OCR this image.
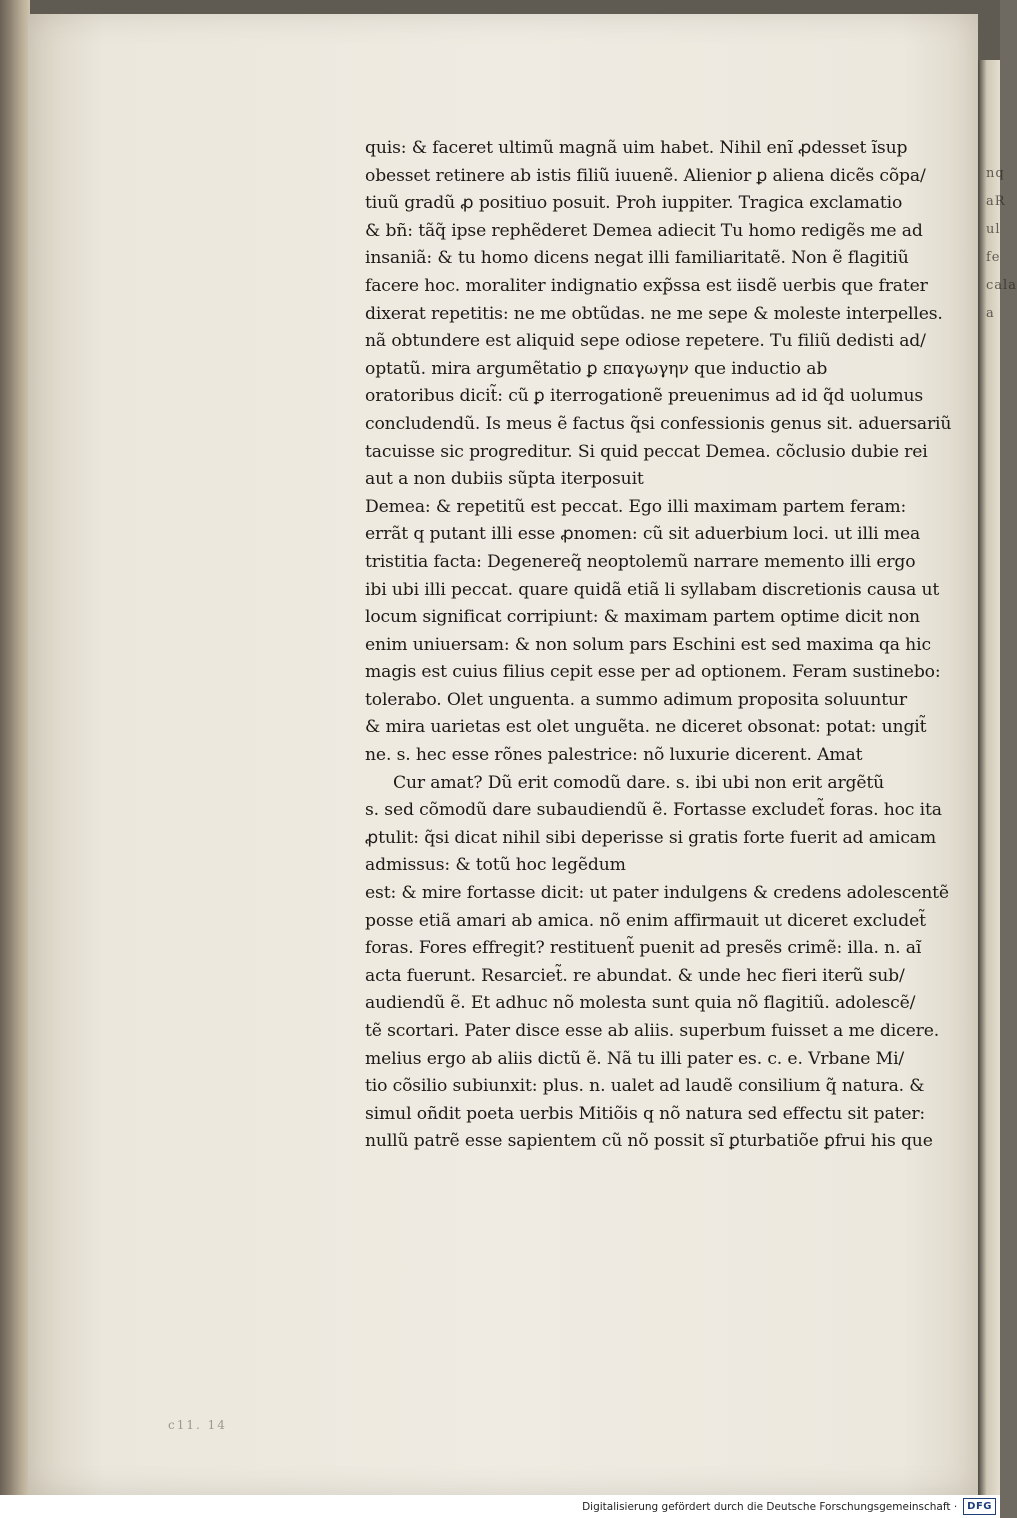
c11. 14
nq aR ul fe cala a
quis: & faceret ultimũ magnã uim habet. Nihil enĩ ꝓdesset ĩsup
obesset retinere ab istis filiũ iuuenẽ. Alienior ꝑ aliena dicẽs cõpa/
tiuũ gradũ ꝓ positiuo posuit. Proh iuppiter. Tragica exclamatio
& bñ: tãq̃ ipse rephẽderet Demea adiecit Tu homo redigẽs me ad
insaniã: & tu homo dicens negat illi familiaritatẽ. Non ẽ flagitiũ
facere hoc. moraliter indignatio exp̃ssa est iisdẽ uerbis que frater
dixerat repetitis: ne me obtũdas. ne me sepe & moleste interpelles.
nã obtundere est aliquid sepe odiose repetere. Tu filiũ dedisti ad/
optatũ. mira argumẽtatio ꝑ επαγωγην que inductio ab
oratoribus dicit̃: cũ ꝑ iterrogationẽ preuenimus ad id q̃d uolumus
concludendũ. Is meus ẽ factus q̃si confessionis genus sit. aduersariũ
tacuisse sic progreditur. Si quid peccat Demea. cõclusio dubie rei
aut a non dubiis sũpta iterposuit
Demea: & repetitũ est peccat. Ego illi maximam partem feram:
errãt q putant illi esse ꝓnomen: cũ sit aduerbium loci. ut illi mea
tristitia facta: Degenereq̃ neoptolemũ narrare memento illi ergo
ibi ubi illi peccat. quare quidã etiã li syllabam discretionis causa ut
locum significat corripiunt: & maximam partem optime dicit non
enim uniuersam: & non solum pars Eschini est sed maxima qa hic
magis est cuius filius cepit esse per ad optionem. Feram sustinebo:
tolerabo. Olet unguenta. a summo adimum proposita soluuntur
& mira uarietas est olet unguẽta. ne diceret obsonat: potat: ungit̃
ne. s. hec esse rõnes palestrice: nõ luxurie dicerent. Amat
Cur amat? Dũ erit comodũ dare. s. ibi ubi non erit argẽtũ
s. sed cõmodũ dare subaudiendũ ẽ. Fortasse excludet̃ foras. hoc ita
ꝓtulit: q̃si dicat nihil sibi deperisse si gratis forte fuerit ad amicam
admissus: & totũ hoc legẽdum
est: & mire fortasse dicit: ut pater indulgens & credens adolescentẽ
posse etiã amari ab amica. nõ enim affirmauit ut diceret excludet̃
foras. Fores effregit? restituent̃ puenit ad presẽs crimẽ: illa. n. aĩ
acta fuerunt. Resarciet̃. re abundat. & unde hec fieri iterũ sub/
audiendũ ẽ. Et adhuc nõ molesta sunt quia nõ flagitiũ. adolescẽ/
tẽ scortari. Pater disce esse ab aliis. superbum fuisset a me dicere.
melius ergo ab aliis dictũ ẽ. Nã tu illi pater es. c. e. Vrbane Mi/
tio cõsilio subiunxit: plus. n. ualet ad laudẽ consilium q̃ natura. &
simul oñdit poeta uerbis Mitiõis q nõ natura sed effectu sit pater:
nullũ patrẽ esse sapientem cũ nõ possit sĩ ꝑturbatiõe ꝑfrui his que
Digitalisierung gefördert durch die Deutsche Forschungsgemeinschaft ·	DFG
